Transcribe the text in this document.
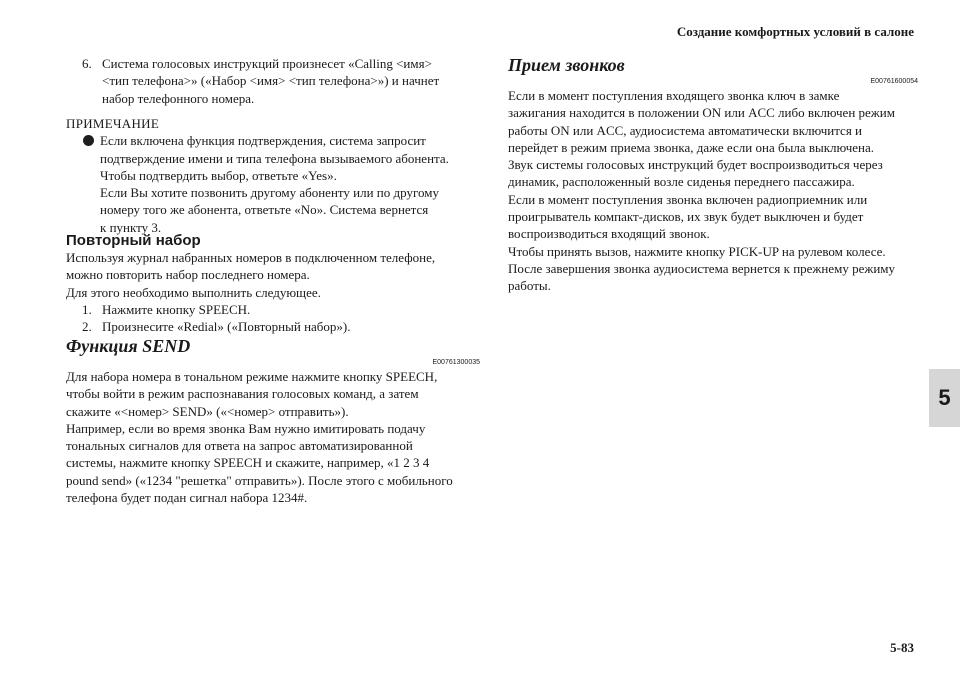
Создание комфортных условий в салоне
6. Система голосовых инструкций произнесет «Calling <имя>

<тип телефона>» («Набор <имя> <тип телефона>») и начнет

набор телефонного номера.

ПРИМЕЧАНИЕ

Если включена функция подтверждения, система запросит

подтверждение имени и типа телефона вызываемого абонента.

Чтобы подтвердить выбор, ответьте «Yes».

Если Вы хотите позвонить другому абоненту или по другому

номеру того же абонента, ответьте «No». Система вернется

к пункту 3.

Повторный набор

Используя журнал набранных номеров в подключенном телефоне,

можно повторить набор последнего номера.

Для этого необходимо выполнить следующее.

1. Нажмите кнопку SPEECH.
2. Произнесите «Redial» («Повторный набор»).
Функция SEND
E00761300035

Для набора номера в тональном режиме нажмите кнопку SPEECH,

чтобы войти в режим распознавания голосовых команд, а затем

скажите «<номер> SEND» («<номер> отправить»).

Например, если во время звонка Вам нужно имитировать подачу

тональных сигналов для ответа на запрос автоматизированной

системы, нажмите кнопку SPEECH и скажите, например, «1 2 3 4

pound send» («1234 "решетка" отправить»). После этого с мобильного

телефона будет подан сигнал набора 1234#.

Прием звонков
E00761600054

Если в момент поступления входящего звонка ключ в замке

зажигания находится в положении ON или ACC либо включен режим

работы ON или ACC, аудиосистема автоматически включится и

перейдет в режим приема звонка, даже если она была выключена.

Звук системы голосовых инструкций будет воспроизводиться через

динамик, расположенный возле сиденья переднего пассажира.

Если в момент поступления звонка включен радиоприемник или

проигрыватель компакт-дисков, их звук будет выключен и будет

воспроизводиться входящий звонок.

Чтобы принять вызов, нажмите кнопку PICK-UP на рулевом колесе.

После завершения звонка аудиосистема вернется к прежнему режиму

работы.

5
5-83
